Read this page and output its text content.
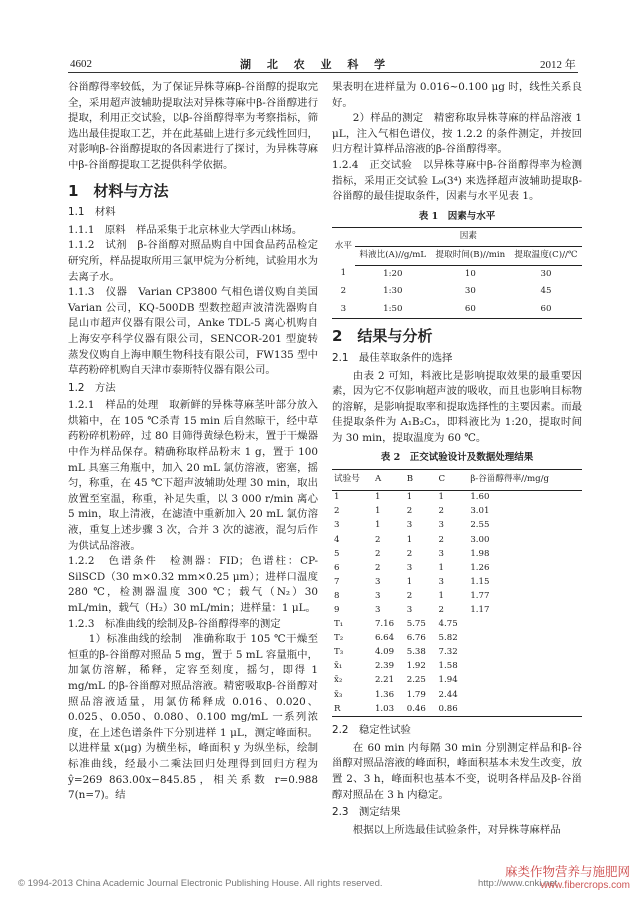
4602	湖 北 农 业 科 学	2012 年

谷甾醇得率较低，为了保证异株荨麻β-谷甾醇的提取完全，采用超声波辅助提取法对异株荨麻中β-谷甾醇进行提取，利用正交试验，以β-谷甾醇得率为考察指标，筛选出最佳提取工艺，并在此基础上进行多元线性回归，对影响β-谷甾醇提取的各因素进行了探讨，为异株荨麻中β-谷甾醇提取工艺提供科学依据。

1　材料与方法
1.1　材料

1.1.1　原料　样品采集于北京林业大学西山林场。

1.1.2　试剂　β-谷甾醇对照品购自中国食品药品检定研究所，样品提取所用三氯甲烷为分析纯，试验用水为去离子水。

1.1.3　仪器　Varian CP3800 气相色谱仪购自美国 Varian 公司，KQ-500DB 型数控超声波清洗器购自昆山市超声仪器有限公司，Anke TDL-5 离心机购自上海安亭科学仪器有限公司，SENCOR-201 型旋转蒸发仪购自上海申顺生物科技有限公司，FW135 型中草药粉碎机购自天津市泰斯特仪器有限公司。

1.2　方法

1.2.1　样品的处理　取新鲜的异株荨麻茎叶部分放入烘箱中，在 105 ℃杀青 15 min 后自然晾干，经中草药粉碎机粉碎，过 80 目筛得黄绿色粉末，置于干燥器中作为样品保存。精确称取样品粉末 1 g，置于 100 mL 具塞三角瓶中，加入 20 mL 氯仿溶液，密塞，摇匀，称重，在 45 ℃下超声波辅助处理 30 min，取出放置至室温，称重，补足失重，以 3 000 r/min 离心 5 min，取上清液，在滤渣中重新加入 20 mL 氯仿溶液，重复上述步骤 3 次，合并 3 次的滤液，混匀后作为供试品溶液。

1.2.2　色谱条件　检测器：FID；色谱柱：CP-SilSCD（30 m×0.32 mm×0.25 μm）；进样口温度 280 ℃，检测器温度 300 ℃；载气（N₂）30 mL/min，载气（H₂）30 mL/min；进样量：1 μL。

1.2.3　标准曲线的绘制及β-谷甾醇得率的测定

1）标准曲线的绘制　准确称取于 105 ℃干燥至恒重的β-谷甾醇对照品 5 mg，置于 5 mL 容量瓶中，加氯仿溶解，稀释，定容至刻度，摇匀，即得 1 mg/mL 的β-谷甾醇对照品溶液。精密吸取β-谷甾醇对照品溶液适量，用氯仿稀释成 0.016、0.020、0.025、0.050、0.080、0.100 mg/mL 一系列浓度，在上述色谱条件下分别进样 1 μL，测定峰面积。以进样量 x(μg) 为横坐标，峰面积 y 为纵坐标，绘制标准曲线，经最小二乘法回归处理得到回归方程为 ŷ=269 863.00x−845.85，相关系数 r=0.988 7(n=7)。结

果表明在进样量为 0.016~0.100 μg 时，线性关系良好。

2）样品的测定　精密称取异株荨麻的样品溶液 1 μL，注入气相色谱仪，按 1.2.2 的条件测定，并按回归方程计算样品溶液的β-谷甾醇得率。

1.2.4　正交试验　以异株荨麻中β-谷甾醇得率为检测指标，采用正交试验 L₉(3⁴) 来选择超声波辅助提取β-谷甾醇的最佳提取条件，因素与水平见表 1。

表 1　因素与水平
水平	因素		
	料液比(A)//g/mL	提取时间(B)//min	提取温度(C)//℃
1	1:20	10	30
2	1:30	30	45
3	1:50	60	60
2　结果与分析
2.1　最佳萃取条件的选择

由表 2 可知，料液比是影响提取效果的最重要因素，因为它不仅影响超声波的吸收，而且也影响目标物的溶解，是影响提取率和提取选择性的主要因素。而最佳提取条件为 A₁B₂C₃，即料液比为 1:20，提取时间为 30 min，提取温度为 60 ℃。

表 2　正交试验设计及数据处理结果
试验号	A	B	C	β-谷甾醇得率//mg/g
1	1	1	1	1.60
2	1	2	2	3.01
3	1	3	3	2.55
4	2	1	2	3.00
5	2	2	3	1.98
6	2	3	1	1.26
7	3	1	3	1.15
8	3	2	1	1.77
9	3	3	2	1.17
T₁	7.16	5.75	4.75	
T₂	6.64	6.76	5.82	
T₃	4.09	5.38	7.32	
x̄₁	2.39	1.92	1.58	
x̄₂	2.21	2.25	1.94	
x̄₃	1.36	1.79	2.44	
R	1.03	0.46	0.86	
2.2　稳定性试验

在 60 min 内每隔 30 min 分别测定样品和β-谷甾醇对照品溶液的峰面积，峰面积基本未发生改变，放置 2、3 h，峰面积也基本不变，说明各样品及β-谷甾醇对照品在 3 h 内稳定。

2.3　测定结果

根据以上所选最佳试验条件，对异株荨麻样品

© 1994-2013 China Academic Journal Electronic Publishing House. All rights reserved.	http://www.cnki.net
麻类作物营养与施肥网
www.fibercrops.com
